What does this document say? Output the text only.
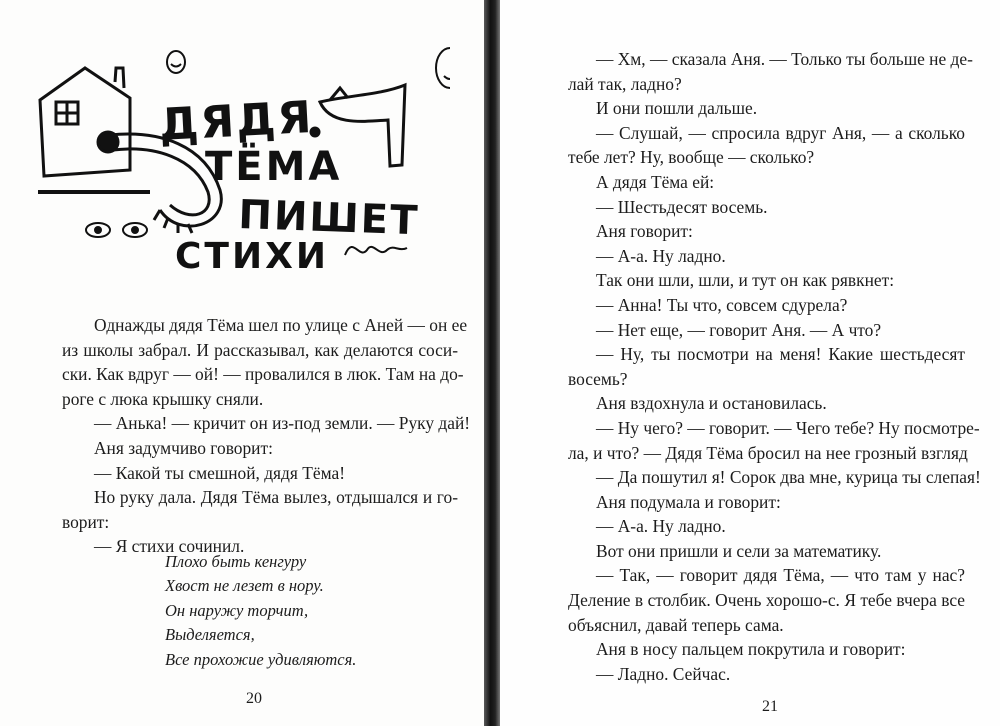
ДЯДЯ
ТЁМА
ПИШЕТ
СТИХИ
Однажды дядя Тёма шел по улице с Аней — он ее
из школы забрал. И рассказывал, как делаются соси-
ски. Как вдруг — ой! — провалился в люк. Там на до-
роге с люка крышку сняли.
— Анька! — кричит он из-под земли. — Руку дай!
Аня задумчиво говорит:
— Какой ты смешной, дядя Тёма!
Но руку дала. Дядя Тёма вылез, отдышался и го-
ворит:
— Я стихи сочинил.
Плохо быть кенгуру
Хвост не лезет в нору.
Он наружу торчит,
Выделяется,
Все прохожие удивляются.
20
— Хм, — сказала Аня. — Только ты больше не де-
лай так, ладно?
И они пошли дальше.
— Слушай, — спросила вдруг Аня, — а сколько
тебе лет? Ну, вообще — сколько?
А дядя Тёма ей:
— Шестьдесят восемь.
Аня говорит:
— А-а. Ну ладно.
Так они шли, шли, и тут он как рявкнет:
— Анна! Ты что, совсем сдурела?
— Нет еще, — говорит Аня. — А что?
— Ну, ты посмотри на меня! Какие шестьдесят
восемь?
Аня вздохнула и остановилась.
— Ну чего? — говорит. — Чего тебе? Ну посмотре-
ла, и что? — Дядя Тёма бросил на нее грозный взгляд
— Да пошутил я! Сорок два мне, курица ты слепая!
Аня подумала и говорит:
— А-а. Ну ладно.
Вот они пришли и сели за математику.
— Так, — говорит дядя Тёма, — что там у нас?
Деление в столбик. Очень хорошо-с. Я тебе вчера все
объяснил, давай теперь сама.
Аня в носу пальцем покрутила и говорит:
— Ладно. Сейчас.
21
